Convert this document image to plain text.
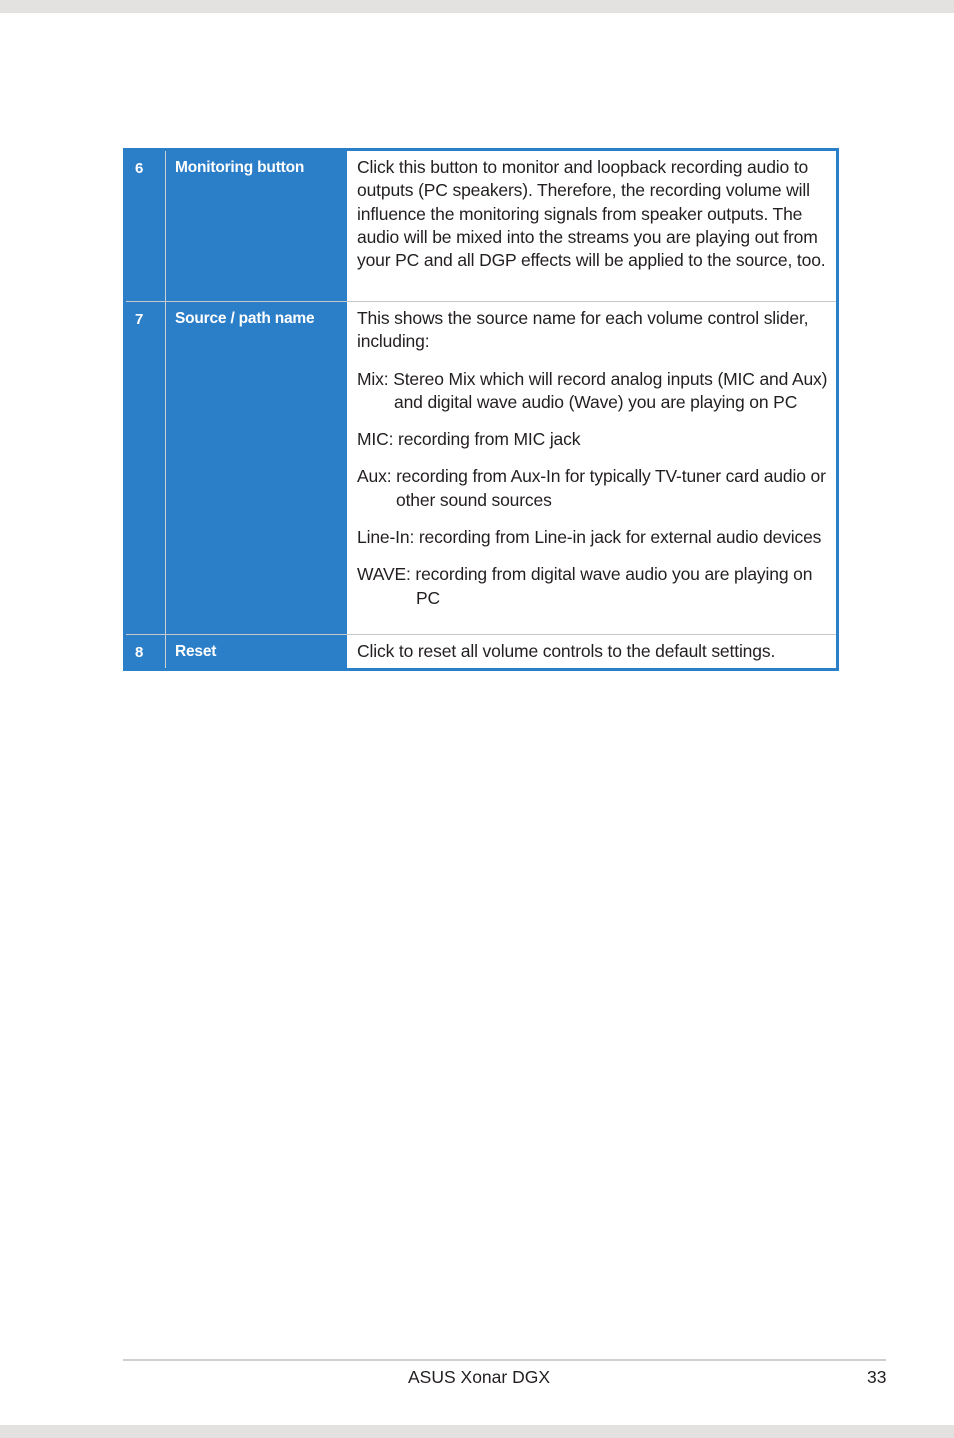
6	Monitoring button	Click this button to monitor and loopback recording audio to outputs (PC speakers). Therefore, the recording volume will influence the monitoring signals from speaker outputs. The audio will be mixed into the streams you are playing out from your PC and all DGP effects will be applied to the source, too.

7	Source / path name	This shows the source name for each volume control slider, including:

Mix: Stereo Mix which will record analog inputs (MIC and Aux) and digital wave audio (Wave) you are playing on PC

MIC: recording from MIC jack

Aux: recording from Aux-In for typically TV-tuner card audio or other sound sources

Line-In: recording from Line-in jack for external audio devices

WAVE: recording from digital wave audio you are playing on PC

8	Reset	Click to reset all volume controls to the default settings.

ASUS Xonar DGX	33
